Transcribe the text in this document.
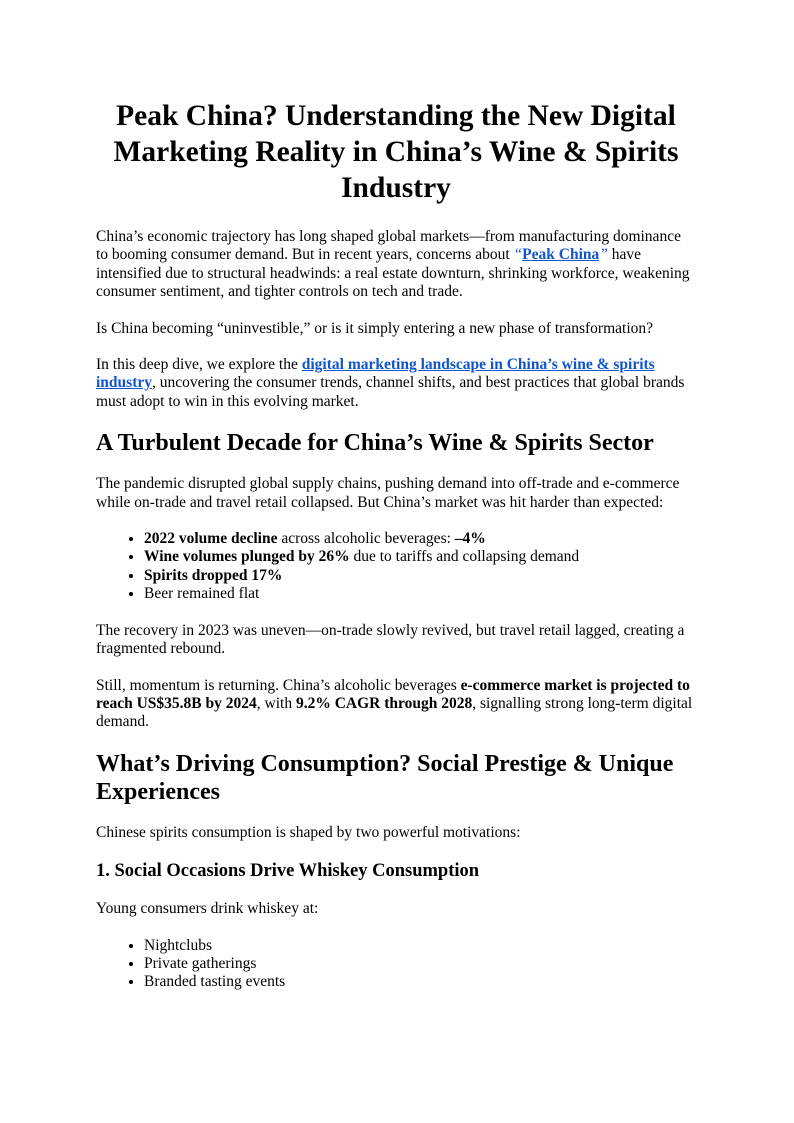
Peak China? Understanding the New Digital Marketing Reality in China’s Wine & Spirits Industry

China’s economic trajectory has long shaped global markets—from manufacturing dominance to booming consumer demand. But in recent years, concerns about “Peak China” have intensified due to structural headwinds: a real estate downturn, shrinking workforce, weakening consumer sentiment, and tighter controls on tech and trade.

Is China becoming “uninvestible,” or is it simply entering a new phase of transformation?

In this deep dive, we explore the digital marketing landscape in China’s wine & spirits industry, uncovering the consumer trends, channel shifts, and best practices that global brands must adopt to win in this evolving market.

A Turbulent Decade for China’s Wine & Spirits Sector

The pandemic disrupted global supply chains, pushing demand into off-trade and e-commerce while on-trade and travel retail collapsed. But China’s market was hit harder than expected:

• 2022 volume decline across alcoholic beverages: –4%
• Wine volumes plunged by 26% due to tariffs and collapsing demand
• Spirits dropped 17%
• Beer remained flat

The recovery in 2023 was uneven—on-trade slowly revived, but travel retail lagged, creating a fragmented rebound.

Still, momentum is returning. China’s alcoholic beverages e-commerce market is projected to reach US$35.8B by 2024, with 9.2% CAGR through 2028, signalling strong long-term digital demand.

What’s Driving Consumption? Social Prestige & Unique Experiences

Chinese spirits consumption is shaped by two powerful motivations:

1. Social Occasions Drive Whiskey Consumption

Young consumers drink whiskey at:

• Nightclubs
• Private gatherings
• Branded tasting events
